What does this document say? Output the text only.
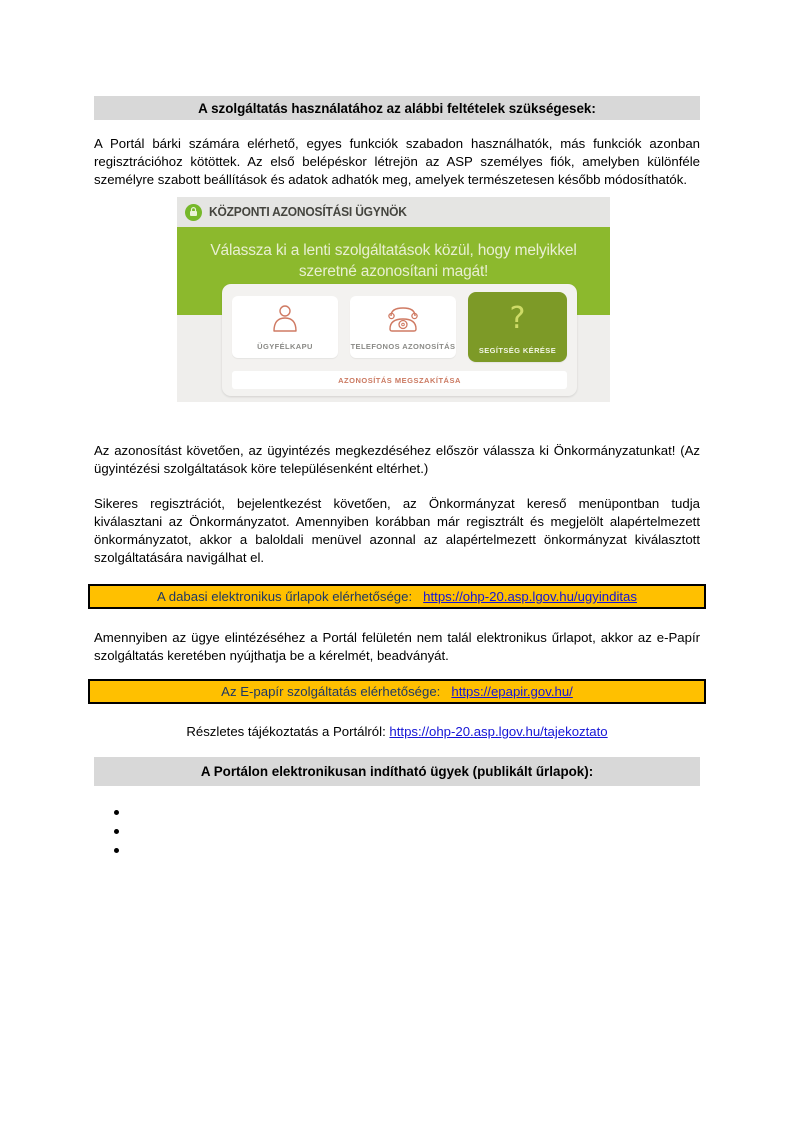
A szolgáltatás használatához az alábbi feltételek szükségesek:

A Portál bárki számára elérhető, egyes funkciók szabadon használhatók, más funkciók azonban regisztrációhoz kötöttek. Az első belépéskor létrejön az ASP személyes fiók, amelyben különféle személyre szabott beállítások és adatok adhatók meg, amelyek természetesen később módosíthatók.

KÖZPONTI AZONOSÍTÁSI ÜGYNÖK
Válassza ki a lenti szolgáltatások közül, hogy melyikkel
szeretné azonosítani magát!
ÜGYFÉLKAPU	TELEFONOS AZONOSÍTÁS
?
SEGÍTSÉG KÉRÉSE
AZONOSÍTÁS MEGSZAKÍTÁSA

Az azonosítást követően, az ügyintézés megkezdéséhez először válassza ki Önkormányzatunkat! (Az ügyintézési szolgáltatások köre településenként eltérhet.)

Sikeres regisztrációt, bejelentkezést követően, az Önkormányzat kereső menüpontban tudja kiválasztani az Önkormányzatot. Amennyiben korábban már regisztrált és megjelölt alapértelmezett önkormányzatot, akkor a baloldali menüvel azonnal az alapértelmezett önkormányzat kiválasztott szolgáltatására navigálhat el.

A dabasi elektronikus űrlapok elérhetősége: https://ohp-20.asp.lgov.hu/ugyinditas

Amennyiben az ügye elintézéséhez a Portál felületén nem talál elektronikus űrlapot, akkor az e-Papír szolgáltatás keretében nyújthatja be a kérelmét, beadványát.

Az E-papír szolgáltatás elérhetősége: https://epapir.gov.hu/
Részletes tájékoztatás a Portálról: https://ohp-20.asp.lgov.hu/tajekoztato
A Portálon elektronikusan indítható ügyek (publikált űrlapok):
